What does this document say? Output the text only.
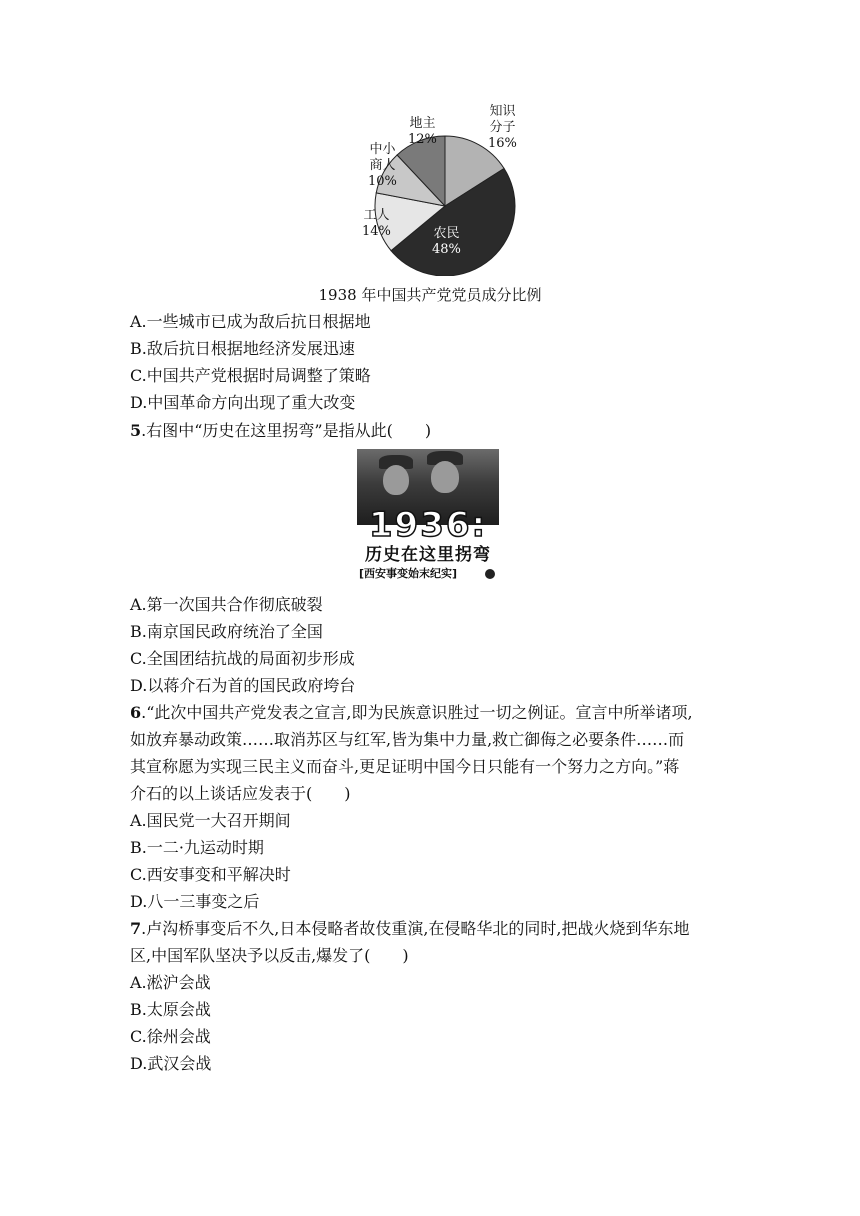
知识
分子
16%
农民
48%
工人
14%
中小
商人
10%
地主
12%
1938 年中国共产党党员成分比例
A.一些城市已成为敌后抗日根据地
B.敌后抗日根据地经济发展迅速
C.中国共产党根据时局调整了策略
D.中国革命方向出现了重大改变
5.右图中“历史在这里拐弯”是指从此(　　)
1936:
历史在这里拐弯
[西安事变始末纪实]
A.第一次国共合作彻底破裂
B.南京国民政府统治了全国
C.全国团结抗战的局面初步形成
D.以蒋介石为首的国民政府垮台
6.“此次中国共产党发表之宣言,即为民族意识胜过一切之例证。宣言中所举诸项,
如放弃暴动政策……取消苏区与红军,皆为集中力量,救亡御侮之必要条件……而
其宣称愿为实现三民主义而奋斗,更足证明中国今日只能有一个努力之方向。”蒋
介石的以上谈话应发表于(　　)
A.国民党一大召开期间
B.一二·九运动时期
C.西安事变和平解决时
D.八一三事变之后
7.卢沟桥事变后不久,日本侵略者故伎重演,在侵略华北的同时,把战火烧到华东地
区,中国军队坚决予以反击,爆发了(　　)
A.淞沪会战
B.太原会战
C.徐州会战
D.武汉会战
